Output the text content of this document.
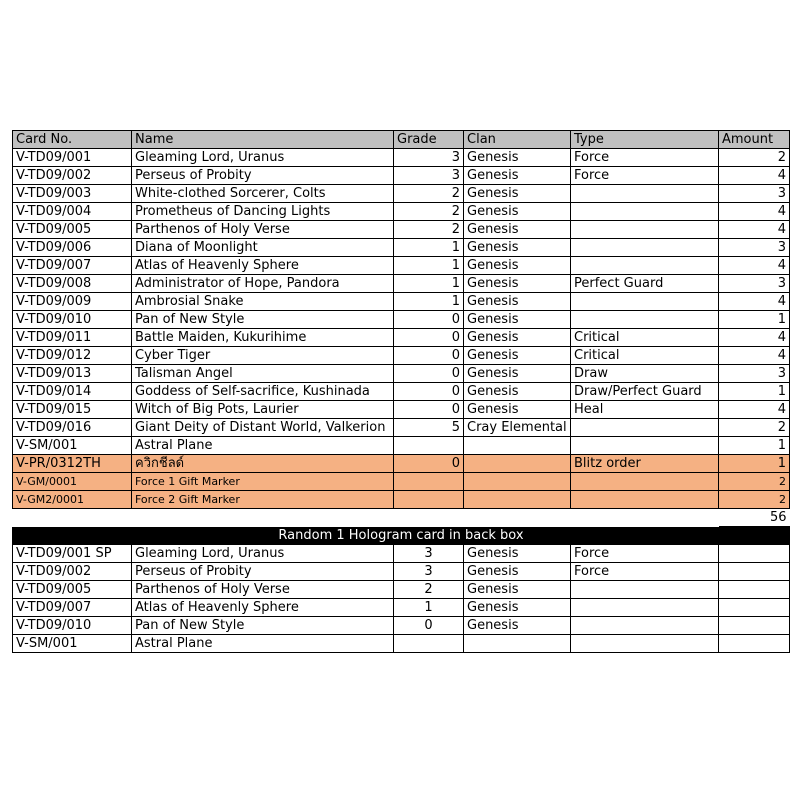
Card No.	Name	Grade	Clan	Type	Amount
V-TD09/001	Gleaming Lord, Uranus	3	Genesis	Force	2
V-TD09/002	Perseus of Probity	3	Genesis	Force	4
V-TD09/003	White-clothed Sorcerer, Colts	2	Genesis		3
V-TD09/004	Prometheus of Dancing Lights	2	Genesis		4
V-TD09/005	Parthenos of Holy Verse	2	Genesis		4
V-TD09/006	Diana of Moonlight	1	Genesis		3
V-TD09/007	Atlas of Heavenly Sphere	1	Genesis		4
V-TD09/008	Administrator of Hope, Pandora	1	Genesis	Perfect Guard	3
V-TD09/009	Ambrosial Snake	1	Genesis		4
V-TD09/010	Pan of New Style	0	Genesis		1
V-TD09/011	Battle Maiden, Kukurihime	0	Genesis	Critical	4
V-TD09/012	Cyber Tiger	0	Genesis	Critical	4
V-TD09/013	Talisman Angel	0	Genesis	Draw	3
V-TD09/014	Goddess of Self-sacrifice, Kushinada	0	Genesis	Draw/Perfect Guard	1
V-TD09/015	Witch of Big Pots, Laurier	0	Genesis	Heal	4
V-TD09/016	Giant Deity of Distant World, Valkerion	5	Cray Elemental		2
V-SM/001	Astral Plane				1
V-PR/0312TH	ควิกชีลด์	0		Blitz order	1
V-GM/0001	Force 1 Gift Marker				2
V-GM2/0001	Force 2 Gift Marker				2
					56
Random 1 Hologram card in back box					
V-TD09/001 SP	Gleaming Lord, Uranus	3	Genesis	Force	
V-TD09/002	Perseus of Probity	3	Genesis	Force	
V-TD09/005	Parthenos of Holy Verse	2	Genesis		
V-TD09/007	Atlas of Heavenly Sphere	1	Genesis		
V-TD09/010	Pan of New Style	0	Genesis		
V-SM/001	Astral Plane				
